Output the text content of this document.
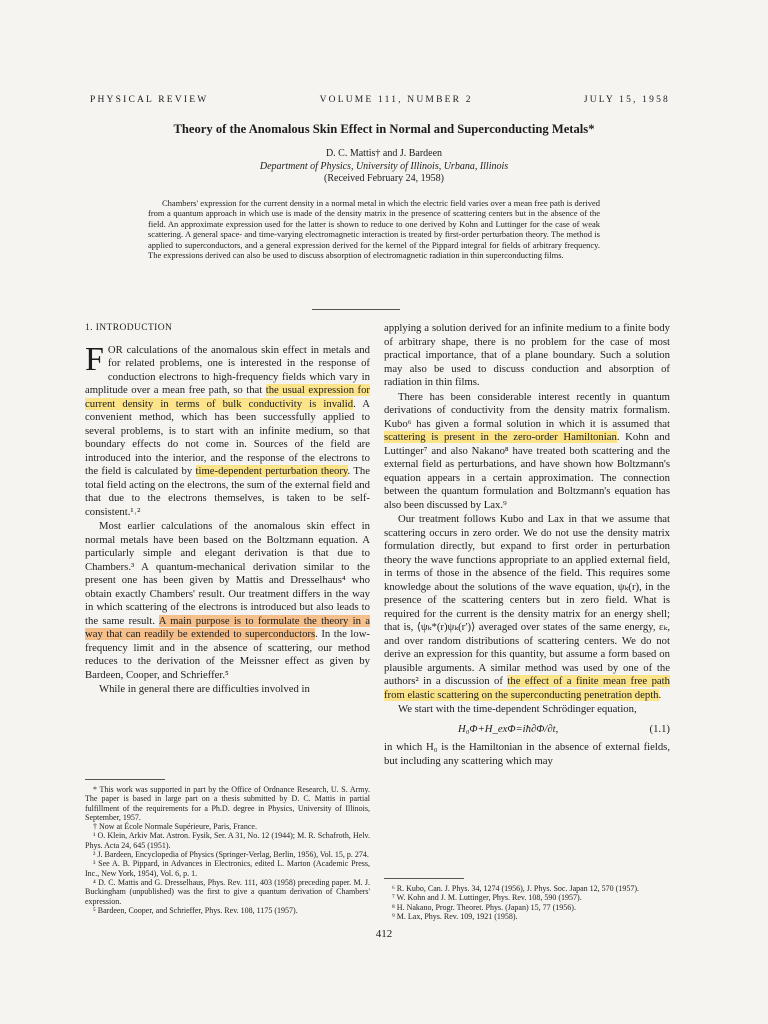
PHYSICAL REVIEW	VOLUME 111, NUMBER 2	JULY 15, 1958
Theory of the Anomalous Skin Effect in Normal and Superconducting Metals*
D. C. Mattis† and J. Bardeen
Department of Physics, University of Illinois, Urbana, Illinois
(Received February 24, 1958)
Chambers' expression for the current density in a normal metal in which the electric field varies over a mean free path is derived from a quantum approach in which use is made of the density matrix in the presence of scattering centers but in the absence of the field. An approximate expression used for the latter is shown to reduce to one derived by Kohn and Luttinger for the case of weak scattering. A general space- and time-varying electromagnetic interaction is treated by first-order perturbation theory. The method is applied to superconductors, and a general expression derived for the kernel of the Pippard integral for fields of arbitrary frequency. The expressions derived can also be used to discuss absorption of electromagnetic radiation in thin superconducting films.

1. INTRODUCTION

FOR calculations of the anomalous skin effect in metals and for related problems, one is interested in the response of conduction electrons to high-frequency fields which vary in amplitude over a mean free path, so that the usual expression for current density in terms of bulk conductivity is invalid. A convenient method, which has been successfully applied to several problems, is to start with an infinite medium, so that boundary effects do not come in. Sources of the field are introduced into the interior, and the response of the electrons to the field is calculated by time-dependent perturbation theory. The total field acting on the electrons, the sum of the external field and that due to the electrons themselves, is taken to be self-consistent.¹˒²

Most earlier calculations of the anomalous skin effect in normal metals have been based on the Boltzmann equation. A particularly simple and elegant derivation is that due to Chambers.³ A quantum-mechanical derivation similar to the present one has been given by Mattis and Dresselhaus⁴ who obtain exactly Chambers' result. Our treatment differs in the way in which scattering of the electrons is introduced but also leads to the same result. A main purpose is to formulate the theory in a way that can readily be extended to superconductors. In the low-frequency limit and in the absence of scattering, our method reduces to the derivation of the Meissner effect as given by Bardeen, Cooper, and Schrieffer.⁵

While in general there are difficulties involved in

applying a solution derived for an infinite medium to a finite body of arbitrary shape, there is no problem for the case of most practical importance, that of a plane boundary. Such a solution may also be used to discuss conduction and absorption of radiation in thin films.

There has been considerable interest recently in quantum derivations of conductivity from the density matrix formalism. Kubo⁶ has given a formal solution in which it is assumed that scattering is present in the zero-order Hamiltonian. Kohn and Luttinger⁷ and also Nakano⁸ have treated both scattering and the external field as perturbations, and have shown how Boltzmann's equation appears in a certain approximation. The connection between the quantum formulation and Boltzmann's equation has also been discussed by Lax.⁹

Our treatment follows Kubo and Lax in that we assume that scattering occurs in zero order. We do not use the density matrix formulation directly, but expand to first order in perturbation theory the wave functions appropriate to an applied external field, in terms of those in the absence of the field. This requires some knowledge about the solutions of the wave equation, ψₖ(r), in the presence of the scattering centers but in zero field. What is required for the current is the density matrix for an energy shell; that is, ⟨ψₖ*(r)ψₖ(r′)⟩ averaged over states of the same energy, εₖ, and over random distributions of scattering centers. We do not derive an expression for this quantity, but assume a form based on plausible arguments. A similar method was used by one of the authors² in a discussion of the effect of a finite mean free path from elastic scattering on the superconducting penetration depth.

We start with the time-dependent Schrödinger equation,

H₀Φ+H_exΦ=iħ∂Φ/∂t,	(1.1)

in which H₀ is the Hamiltonian in the absence of external fields, but including any scattering which may

* This work was supported in part by the Office of Ordnance Research, U. S. Army. The paper is based in large part on a thesis submitted by D. C. Mattis in partial fulfillment of the requirements for a Ph.D. degree in Physics, University of Illinois, September, 1957.
† Now at École Normale Supérieure, Paris, France.
¹ O. Klein, Arkiv Mat. Astron. Fysik, Ser. A 31, No. 12 (1944); M. R. Schafroth, Helv. Phys. Acta 24, 645 (1951).
² J. Bardeen, Encyclopedia of Physics (Springer-Verlag, Berlin, 1956), Vol. 15, p. 274.
³ See A. B. Pippard, in Advances in Electronics, edited L. Marton (Academic Press, Inc., New York, 1954), Vol. 6, p. 1.
⁴ D. C. Mattis and G. Dresselhaus, Phys. Rev. 111, 403 (1958) preceding paper. M. J. Buckingham (unpublished) was the first to give a quantum derivation of Chambers' expression.
⁵ Bardeen, Cooper, and Schrieffer, Phys. Rev. 108, 1175 (1957).
⁶ R. Kubo, Can. J. Phys. 34, 1274 (1956), J. Phys. Soc. Japan 12, 570 (1957).
⁷ W. Kohn and J. M. Luttinger, Phys. Rev. 108, 590 (1957).
⁸ H. Nakano, Progr. Theoret. Phys. (Japan) 15, 77 (1956).
⁹ M. Lax, Phys. Rev. 109, 1921 (1958).
412
